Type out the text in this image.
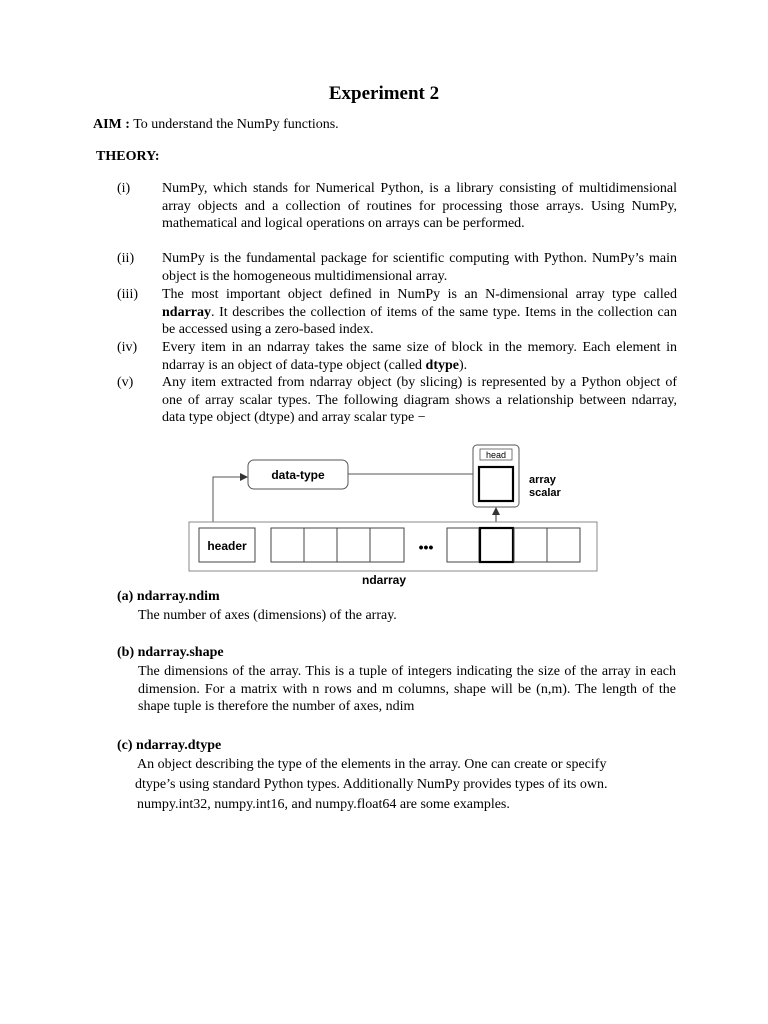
Experiment 2
AIM : To understand the NumPy functions.
THEORY:
(i) NumPy, which stands for Numerical Python, is a library consisting of multidimensional array objects and a collection of routines for processing those arrays. Using NumPy, mathematical and logical operations on arrays can be performed.
(ii) NumPy is the fundamental package for scientific computing with Python. NumPy’s main object is the homogeneous multidimensional array.
(iii) The most important object defined in NumPy is an N-dimensional array type called ndarray. It describes the collection of items of the same type. Items in the collection can be accessed using a zero-based index.
(iv) Every item in an ndarray takes the same size of block in the memory. Each element in ndarray is an object of data-type object (called dtype).
(v) Any item extracted from ndarray object (by slicing) is represented by a Python object of one of array scalar types. The following diagram shows a relationship between ndarray, data type object (dtype) and array scalar type −
data-type
head
array
scalar
header	•••
ndarray
(a) ndarray.ndim
The number of axes (dimensions) of the array.
(b) ndarray.shape
The dimensions of the array. This is a tuple of integers indicating the size of the array in each dimension. For a matrix with n rows and m columns, shape will be (n,m). The length of the shape tuple is therefore the number of axes, ndim
(c) ndarray.dtype
An object describing the type of the elements in the array. One can create or specify
dtype’s using standard Python types. Additionally NumPy provides types of its own.
numpy.int32, numpy.int16, and numpy.float64 are some examples.
